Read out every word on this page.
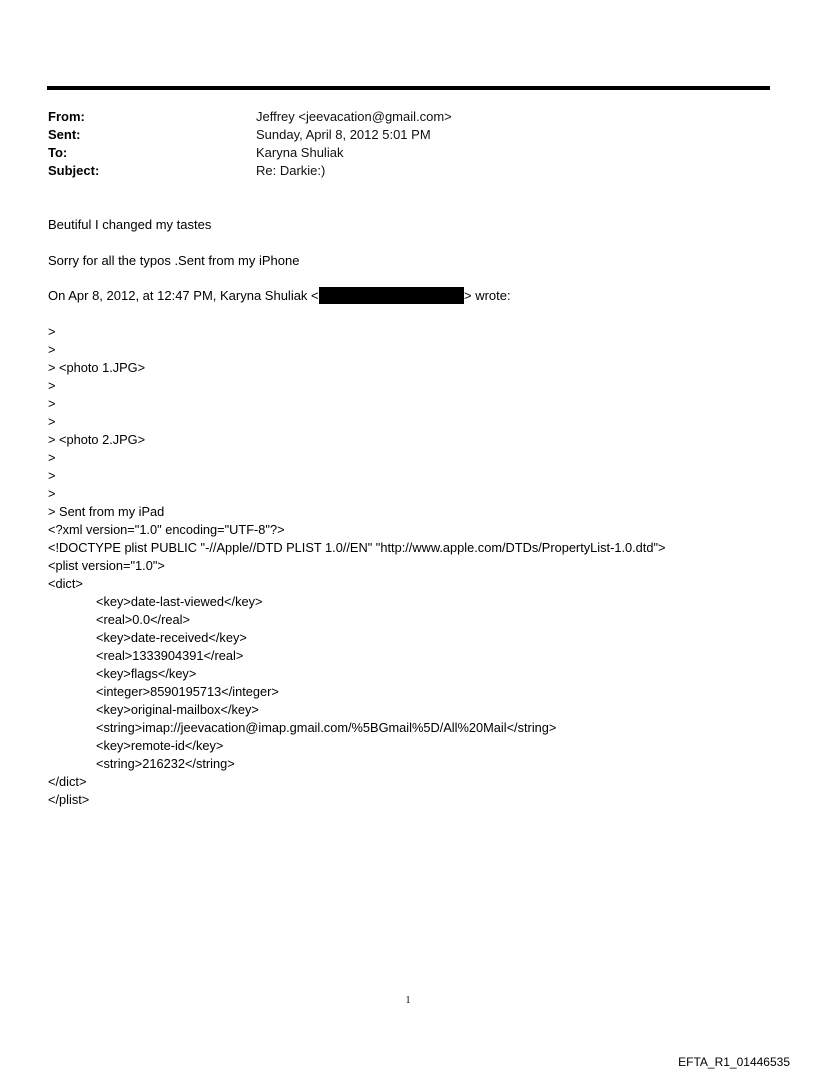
From:	Jeffrey <jeevacation@gmail.com>
Sent:	Sunday, April 8, 2012 5:01 PM
To:	Karyna Shuliak
Subject:	Re: Darkie:)
Beutiful I changed my tastes
Sorry for all the typos .Sent from my iPhone
On Apr 8, 2012, at 12:47 PM, Karyna Shuliak <	> wrote:
>
>
> <photo 1.JPG>
>
>
>
> <photo 2.JPG>
>
>
>
> Sent from my iPad
<?xml version="1.0" encoding="UTF-8"?>
<!DOCTYPE plist PUBLIC "-//Apple//DTD PLIST 1.0//EN" "http://www.apple.com/DTDs/PropertyList-1.0.dtd">
<plist version="1.0">
<dict>
<key>date-last-viewed</key>
<real>0.0</real>
<key>date-received</key>
<real>1333904391</real>
<key>flags</key>
<integer>8590195713</integer>
<key>original-mailbox</key>
<string>imap://jeevacation@imap.gmail.com/%5BGmail%5D/All%20Mail</string>
<key>remote-id</key>
<string>216232</string>
</dict>
</plist>
1
EFTA_R1_01446535
